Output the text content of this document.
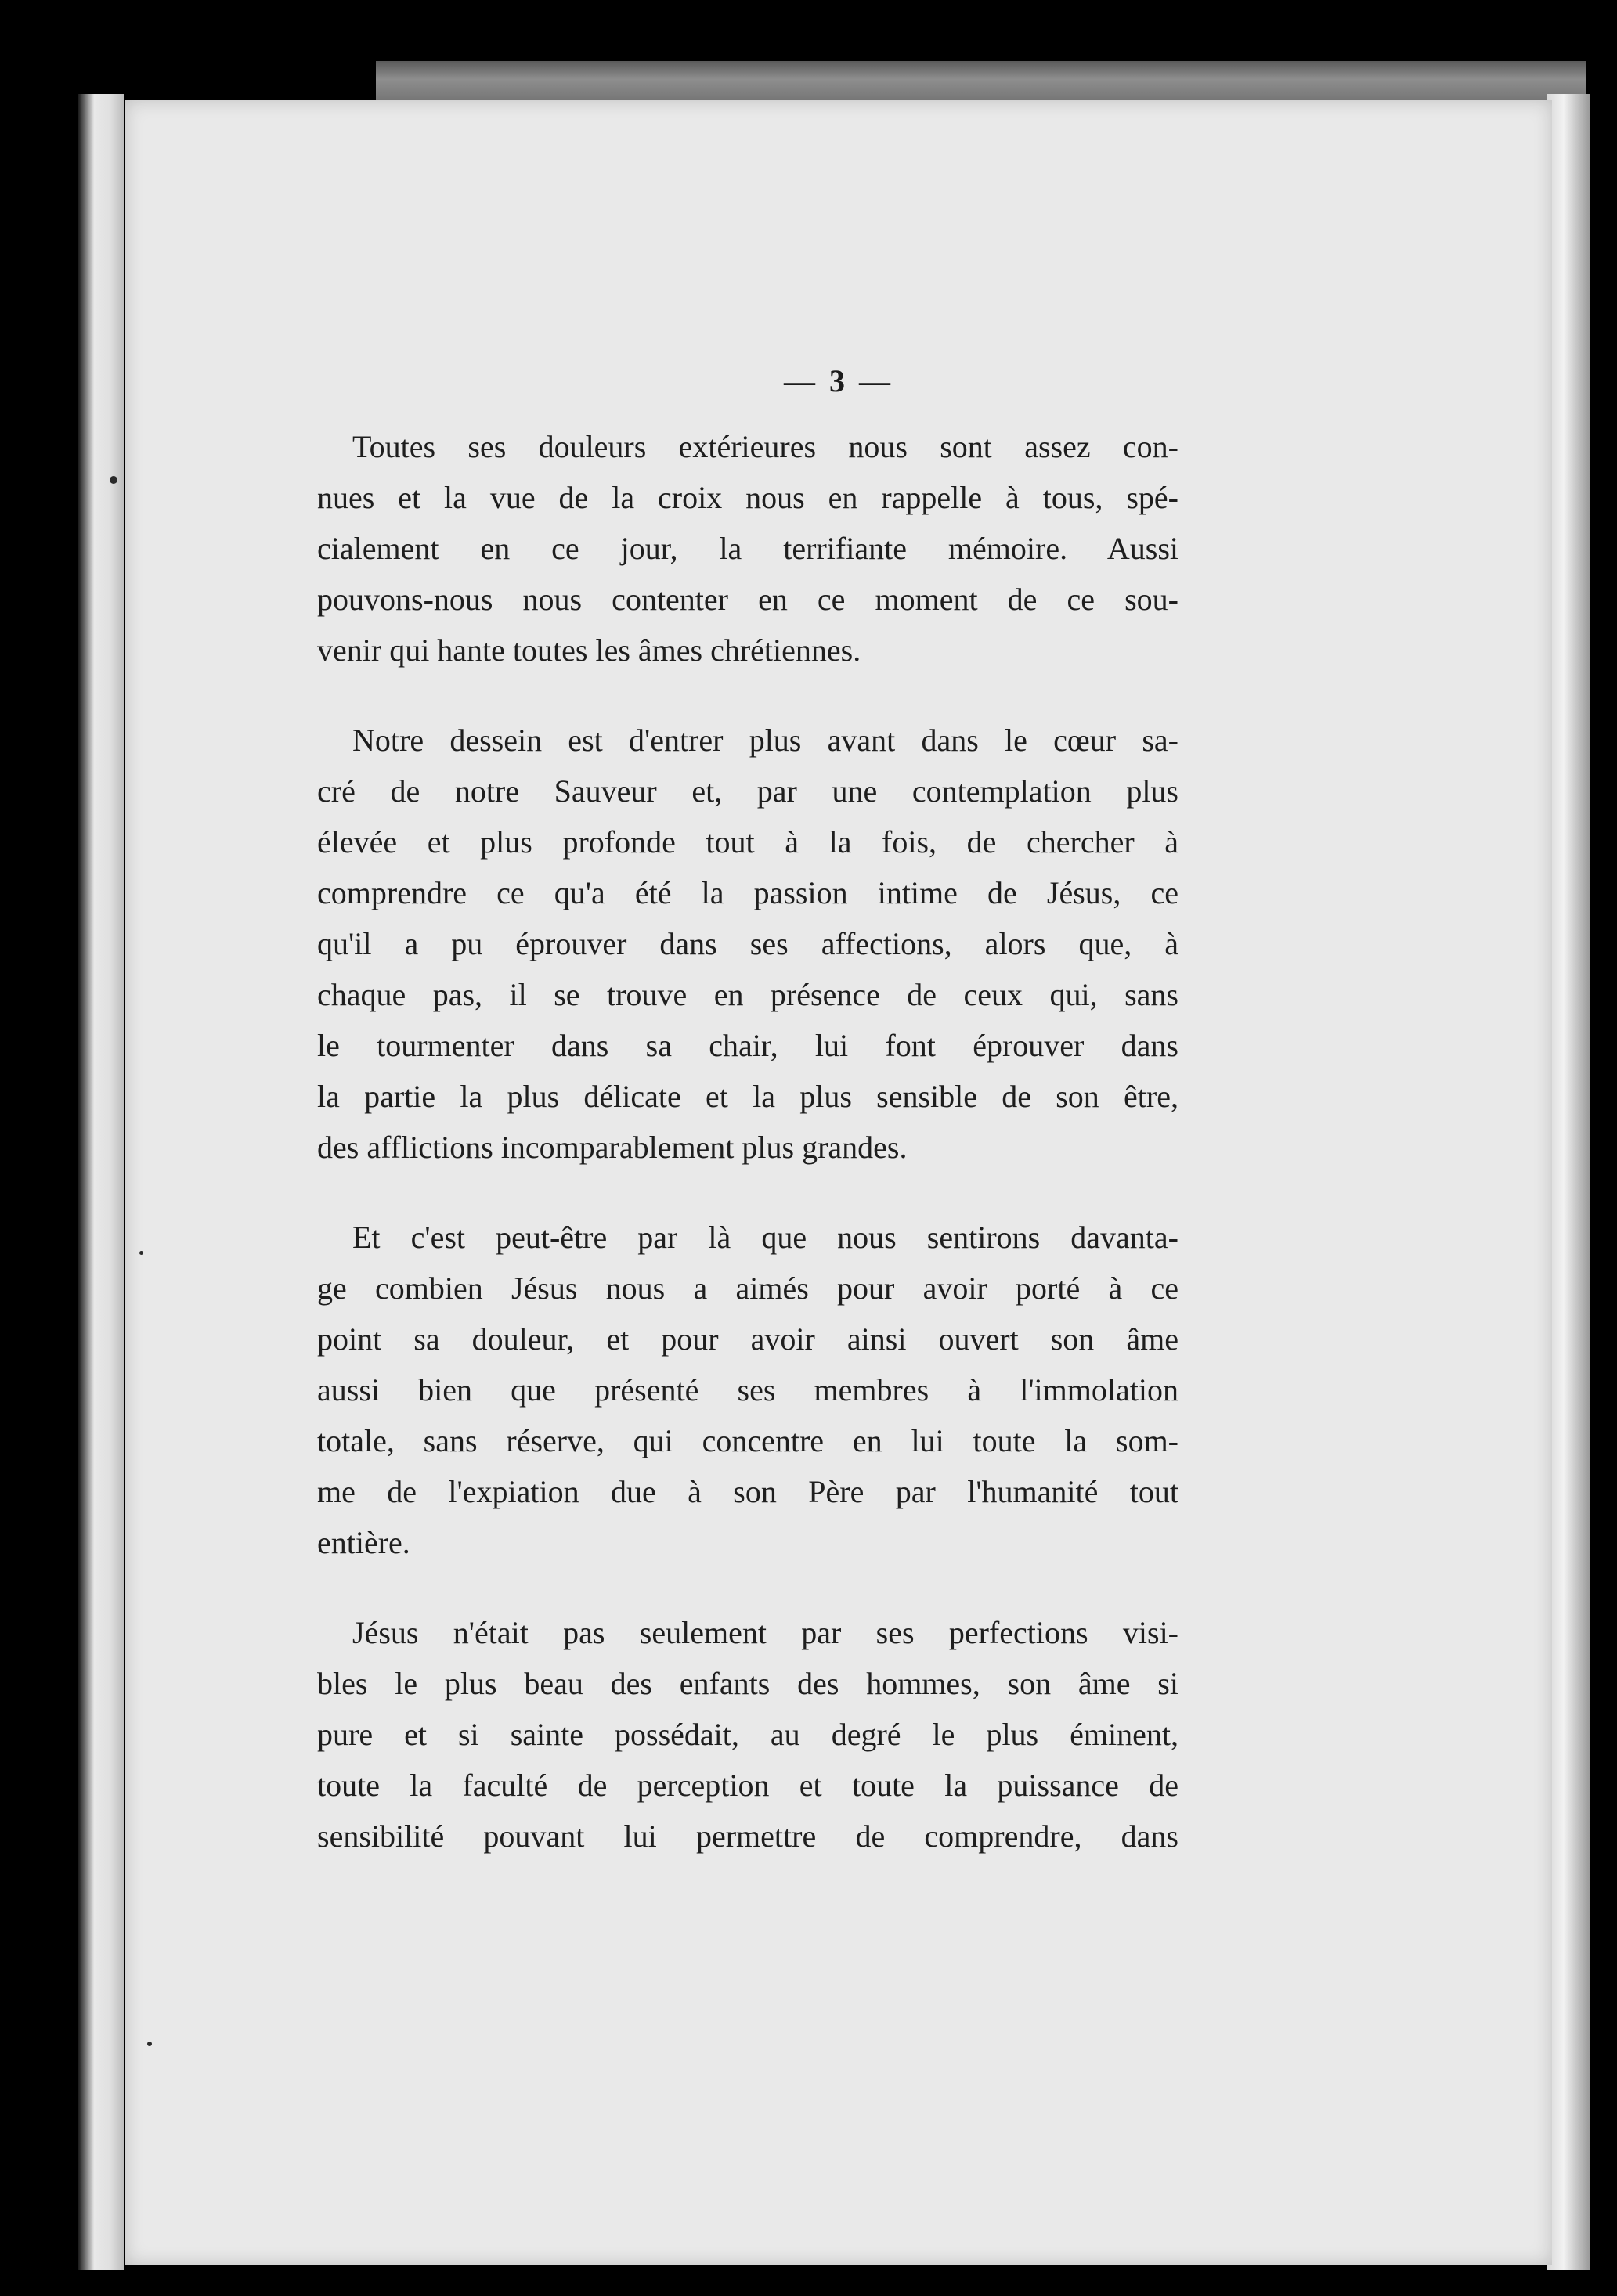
— 3 —

Toutes ses douleurs extérieures nous sont assez con-
nues et la vue de la croix nous en rappelle à tous, spé-
cialement en ce jour, la terrifiante mémoire. Aussi
pouvons-nous nous contenter en ce moment de ce sou-
venir qui hante toutes les âmes chrétiennes.

Notre dessein est d'entrer plus avant dans le cœur sa-
cré de notre Sauveur et, par une contemplation plus
élevée et plus profonde tout à la fois, de chercher à
comprendre ce qu'a été la passion intime de Jésus, ce
qu'il a pu éprouver dans ses affections, alors que, à
chaque pas, il se trouve en présence de ceux qui, sans
le tourmenter dans sa chair, lui font éprouver dans
la partie la plus délicate et la plus sensible de son être,
des afflictions incomparablement plus grandes.

Et c'est peut-être par là que nous sentirons davanta-
ge combien Jésus nous a aimés pour avoir porté à ce
point sa douleur, et pour avoir ainsi ouvert son âme
aussi bien que présenté ses membres à l'immolation
totale, sans réserve, qui concentre en lui toute la som-
me de l'expiation due à son Père par l'humanité tout
entière.

Jésus n'était pas seulement par ses perfections visi-
bles le plus beau des enfants des hommes, son âme si
pure et si sainte possédait, au degré le plus éminent,
toute la faculté de perception et toute la puissance de
sensibilité pouvant lui permettre de comprendre, dans
